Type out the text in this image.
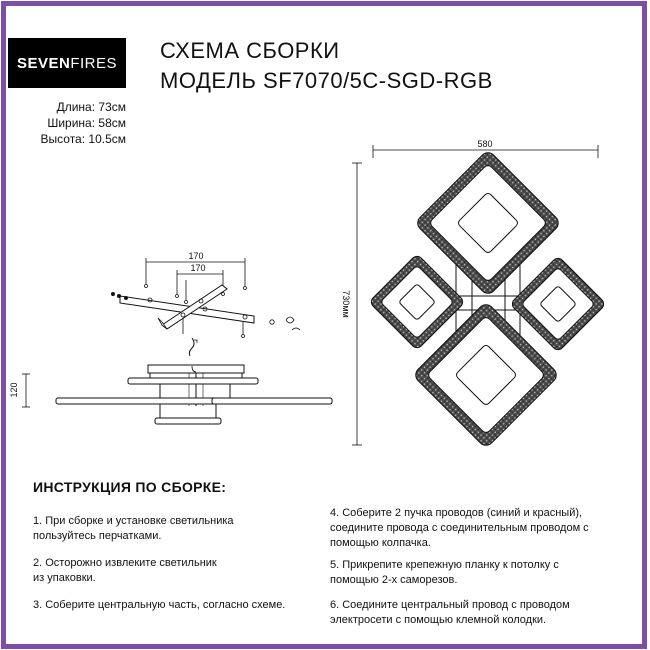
SEVEN FIRES СХЕМА СБОРКИ
МОДЕЛЬ SF7070/5C-SGD-RGB
Длина: 73см
Ширина: 58см
Высота: 10.5см	580
730мм
170
170
120
ИНСТРУКЦИЯ ПО СБОРКЕ:
1. При сборке и установке светильника пользуйтесь перчатками.
2. Осторожно извлеките светильник из упаковки.
3. Соберите центральную часть, согласно схеме.
4. Соберите 2 пучка проводов (синий и красный), соедините провода с соединительным проводом с помощью колпачка.
5. Прикрепите крепежную планку к потолку с помощью 2-х саморезов.
6. Соедините центральный провод с проводом электросети с помощью клемной колодки.
